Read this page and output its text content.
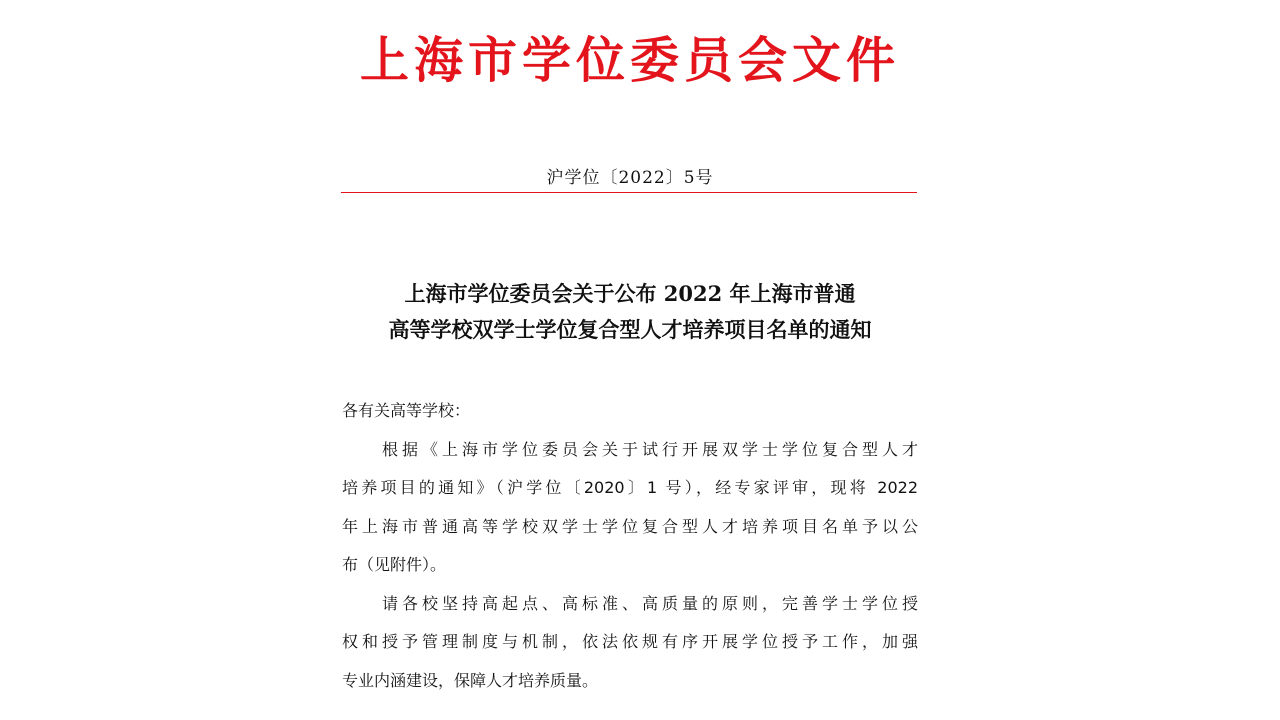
上海市学位委员会文件
沪学位〔2022〕5号
上海市学位委员会关于公布 2022 年上海市普通
高等学校双学士学位复合型人才培养项目名单的通知
各有关高等学校：
根据《上海市学位委员会关于试行开展双学士学位复合型人才
培养项目的通知》（沪学位〔2020〕1 号），经专家评审，现将 2022
年上海市普通高等学校双学士学位复合型人才培养项目名单予以公
布（见附件）。
请各校坚持高起点、高标准、高质量的原则，完善学士学位授
权和授予管理制度与机制，依法依规有序开展学位授予工作，加强
专业内涵建设，保障人才培养质量。
